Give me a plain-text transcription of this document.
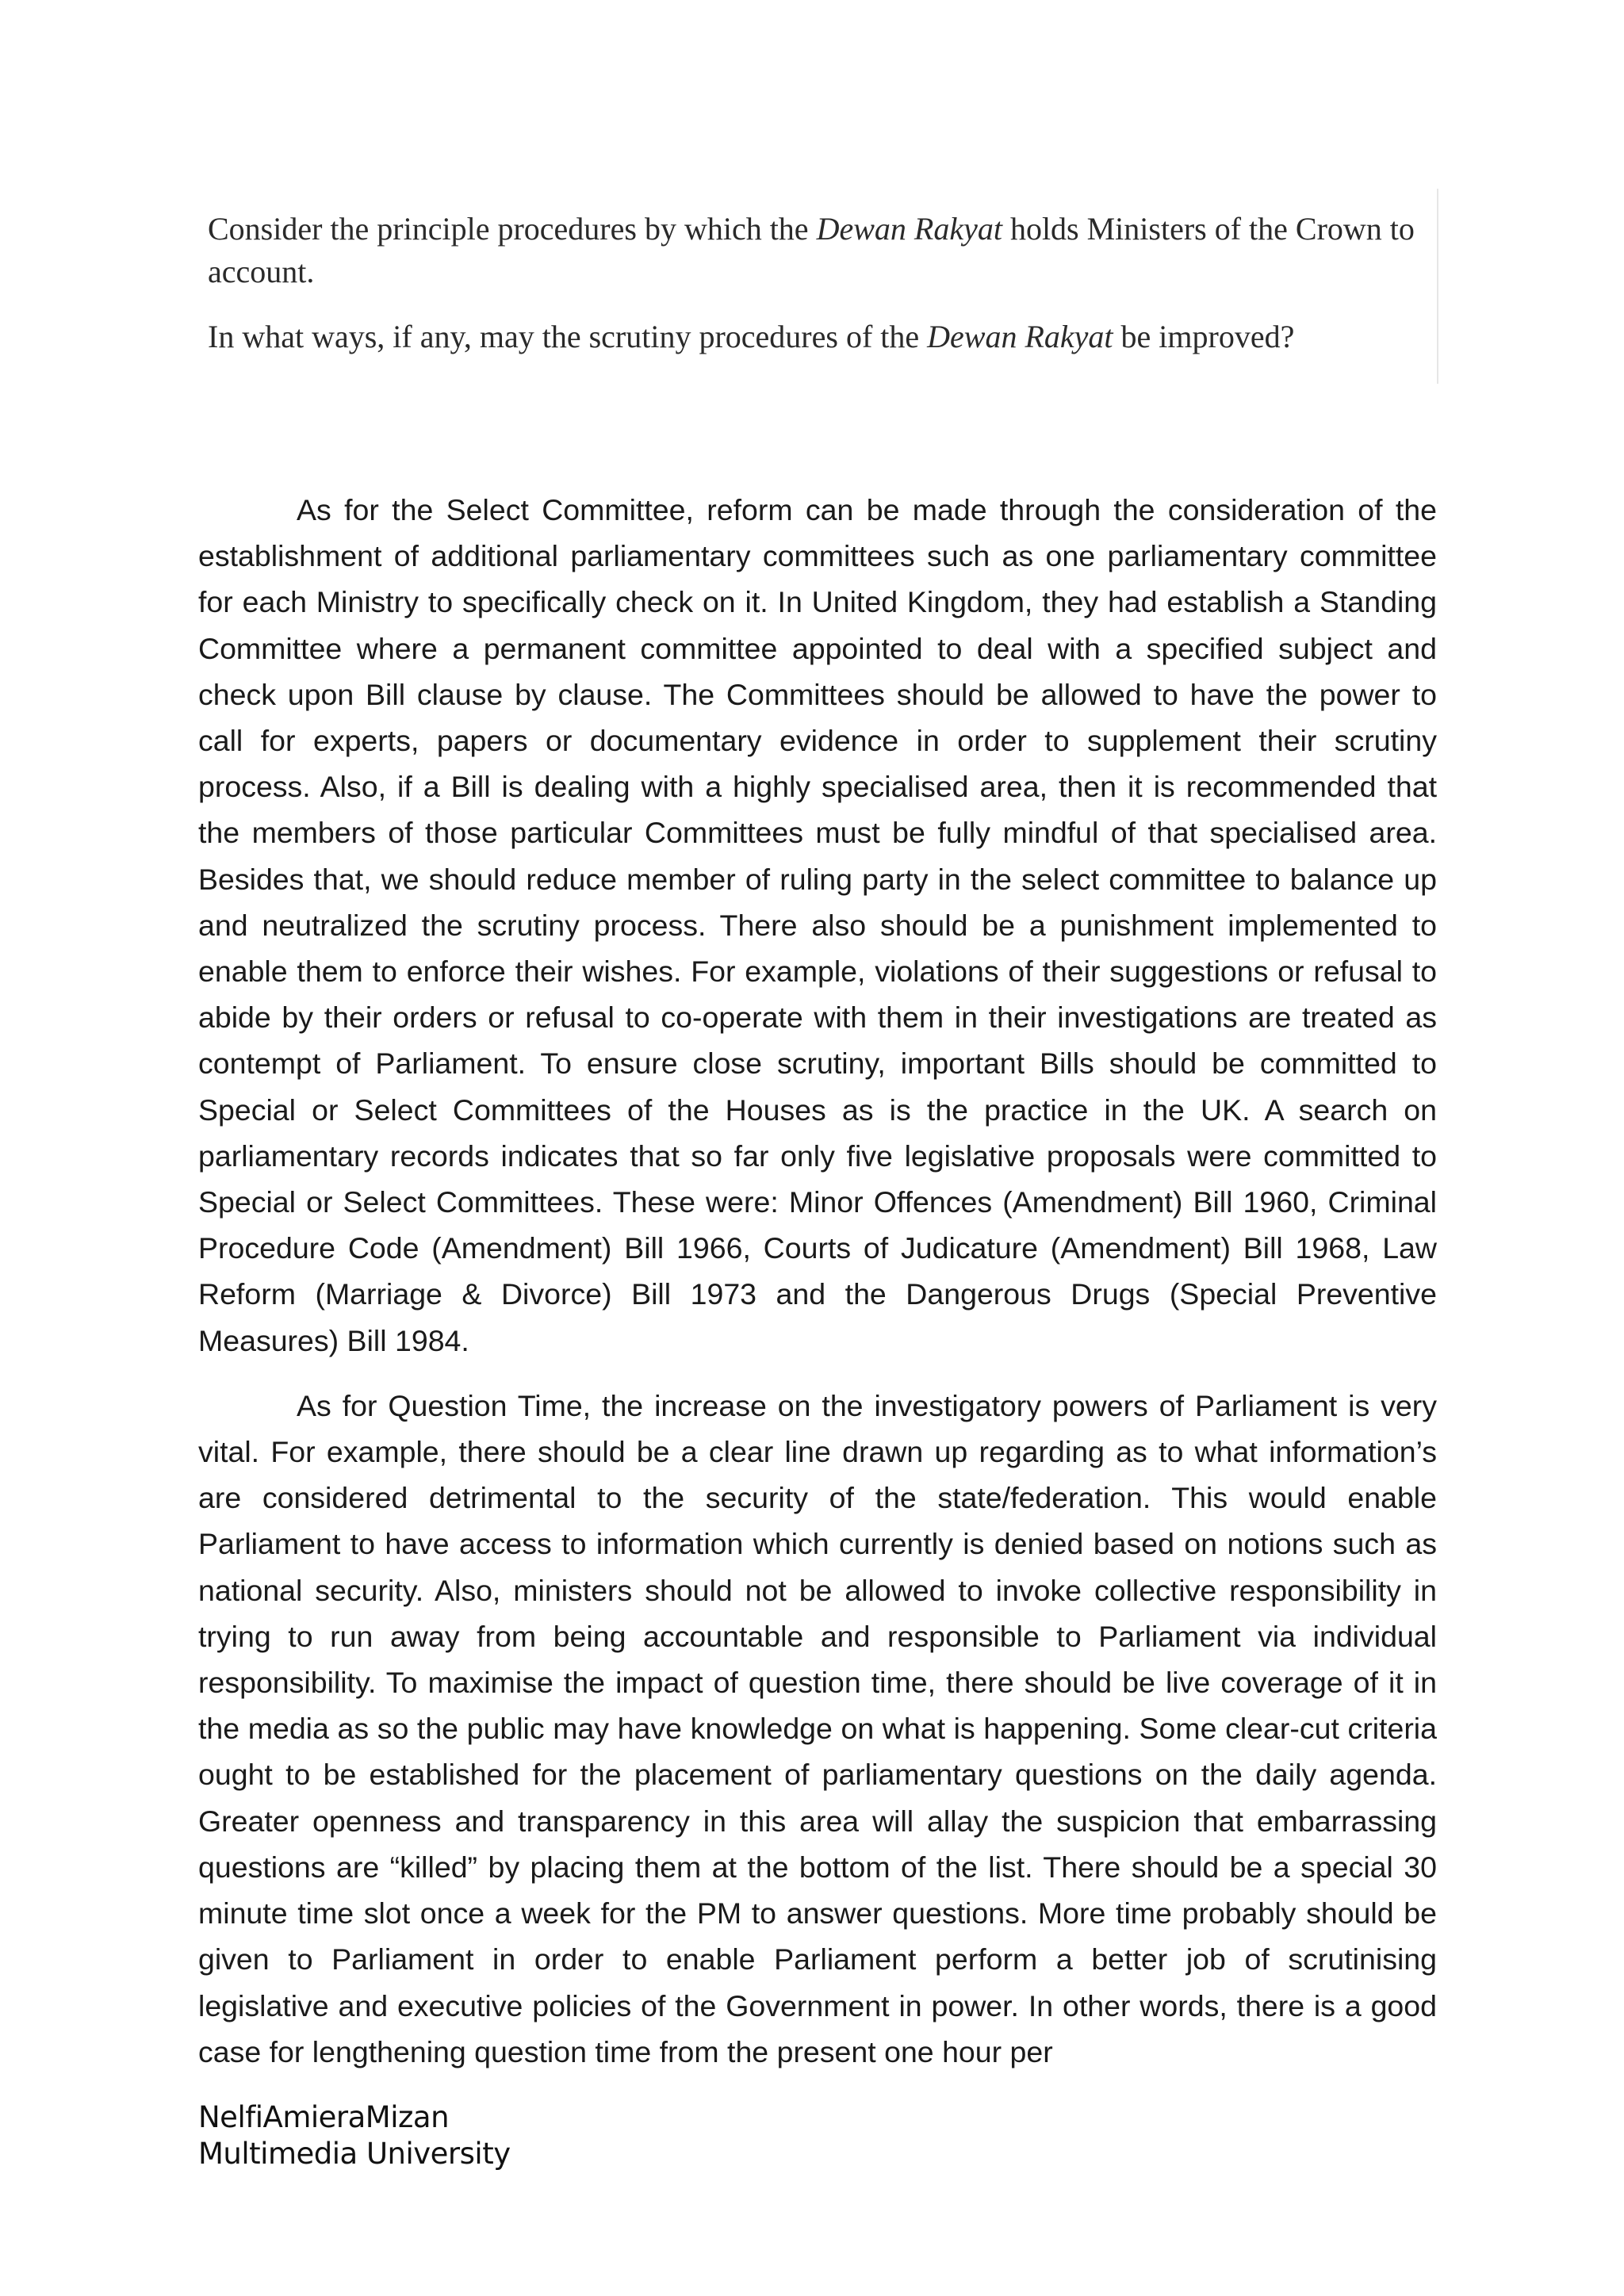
Consider the principle procedures by which the Dewan Rakyat holds Ministers of the Crown to account.

In what ways, if any, may the scrutiny procedures of the Dewan Rakyat be improved?

As for the Select Committee, reform can be made through the consideration of the establishment of additional parliamentary committees such as one parliamentary committee for each Ministry to specifically check on it. In United Kingdom, they had establish a Standing Committee where a permanent committee appointed to deal with a specified subject and check upon Bill clause by clause. The Committees should be allowed to have the power to call for experts, papers or documentary evidence in order to supplement their scrutiny process. Also, if a Bill is dealing with a highly specialised area, then it is recommended that the members of those particular Committees must be fully mindful of that specialised area. Besides that, we should reduce member of ruling party in the select committee to balance up and neutralized the scrutiny process. There also should be a punishment implemented to enable them to enforce their wishes. For example, violations of their suggestions or refusal to abide by their orders or refusal to co-operate with them in their investigations are treated as contempt of Parliament. To ensure close scrutiny, important Bills should be committed to Special or Select Committees of the Houses as is the practice in the UK. A search on parliamentary records indicates that so far only five legislative proposals were committed to Special or Select Committees. These were: Minor Offences (Amendment) Bill 1960, Criminal Procedure Code (Amendment) Bill 1966, Courts of Judicature (Amendment) Bill 1968, Law Reform (Marriage & Divorce) Bill 1973 and the Dangerous Drugs (Special Preventive Measures) Bill 1984.

As for Question Time, the increase on the investigatory powers of Parliament is very vital. For example, there should be a clear line drawn up regarding as to what information’s are considered detrimental to the security of the state/federation. This would enable Parliament to have access to information which currently is denied based on notions such as national security. Also, ministers should not be allowed to invoke collective responsibility in trying to run away from being accountable and responsible to Parliament via individual responsibility. To maximise the impact of question time, there should be live coverage of it in the media as so the public may have knowledge on what is happening. Some clear-cut criteria ought to be established for the placement of parliamentary questions on the daily agenda. Greater openness and transparency in this area will allay the suspicion that embarrassing questions are “killed” by placing them at the bottom of the list. There should be a special 30 minute time slot once a week for the PM to answer questions. More time probably should be given to Parliament in order to enable Parliament perform a better job of scrutinising legislative and executive policies of the Government in power. In other words, there is a good case for lengthening question time from the present one hour per

NelfiAmieraMizan
Multimedia University
